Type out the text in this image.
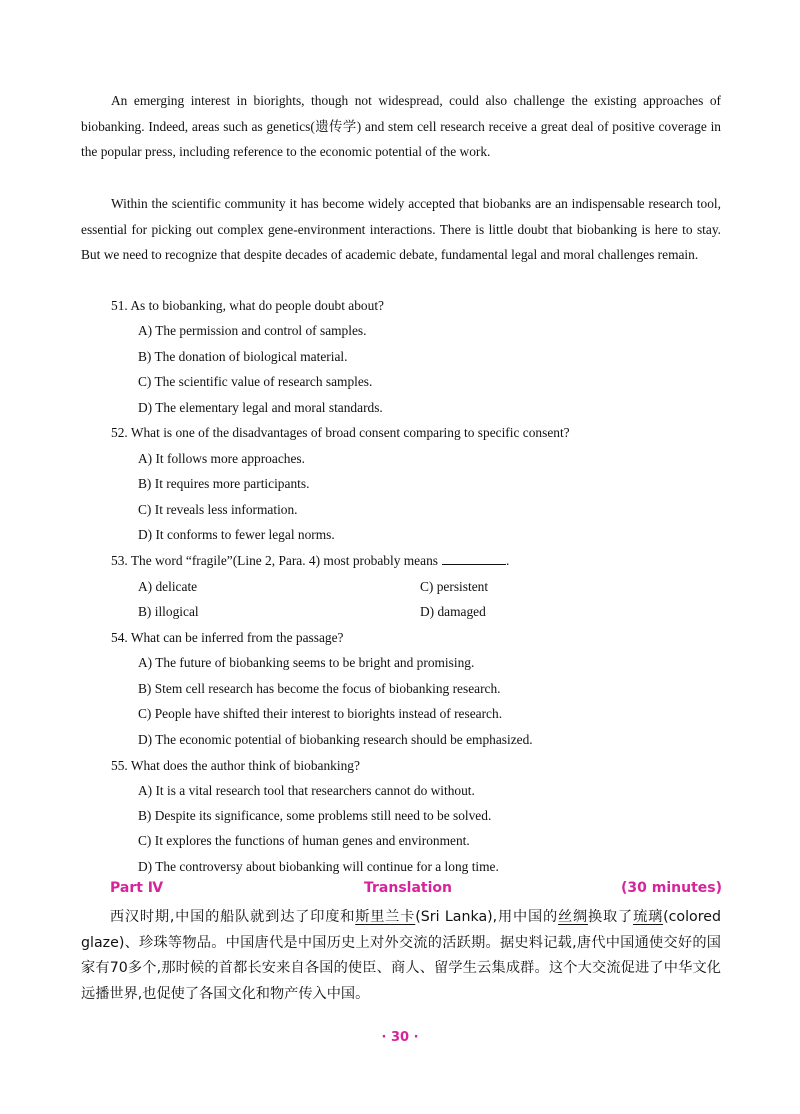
An emerging interest in biorights, though not widespread, could also challenge the existing approaches of biobanking. Indeed, areas such as genetics(遗传学) and stem cell research receive a great deal of positive coverage in the popular press, including reference to the economic potential of the work.

Within the scientific community it has become widely accepted that biobanks are an indispensable research tool, essential for picking out complex gene-environment interactions. There is little doubt that biobanking is here to stay. But we need to recognize that despite decades of academic debate, fundamental legal and moral challenges remain.

51. As to biobanking, what do people doubt about?
A) The permission and control of samples.
B) The donation of biological material.
C) The scientific value of research samples.
D) The elementary legal and moral standards.
52. What is one of the disadvantages of broad consent comparing to specific consent?
A) It follows more approaches.
B) It requires more participants.
C) It reveals less information.
D) It conforms to fewer legal norms.
53. The word “fragile”(Line 2, Para. 4) most probably means	.
A) delicate	C) persistent
B) illogical	D) damaged
54. What can be inferred from the passage?
A) The future of biobanking seems to be bright and promising.
B) Stem cell research has become the focus of biobanking research.
C) People have shifted their interest to biorights instead of research.
D) The economic potential of biobanking research should be emphasized.
55. What does the author think of biobanking?
A) It is a vital research tool that researchers cannot do without.
B) Despite its significance, some problems still need to be solved.
C) It explores the functions of human genes and environment.
D) The controversy about biobanking will continue for a long time.

西汉时期,中国的船队就到达了印度和斯里兰卡(Sri Lanka),用中国的丝绸换取了琉璃(colored glaze)、珍珠等物品。中国唐代是中国历史上对外交流的活跃期。据史料记载,唐代中国通使交好的国家有70多个,那时候的首都长安来自各国的使臣、商人、留学生云集成群。这个大交流促进了中华文化远播世界,也促使了各国文化和物产传入中国。

· 30 ·
Part Ⅳ	Translation	(30 minutes)
